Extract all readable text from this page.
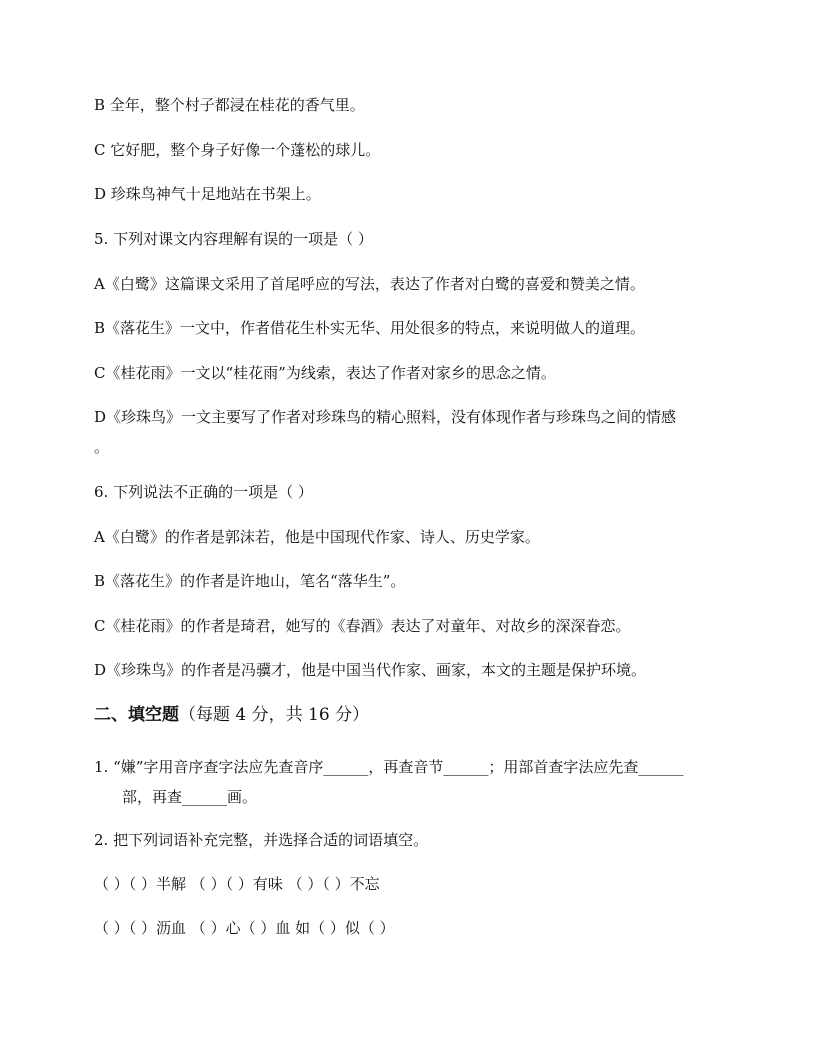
B 全年，整个村子都浸在桂花的香气里。
C 它好肥，整个身子好像一个蓬松的球儿。
D 珍珠鸟神气十足地站在书架上。
5. 下列对课文内容理解有误的一项是（ ）
A《白鹭》这篇课文采用了首尾呼应的写法，表达了作者对白鹭的喜爱和赞美之情。
B《落花生》一文中，作者借花生朴实无华、用处很多的特点，来说明做人的道理。
C《桂花雨》一文以“桂花雨”为线索，表达了作者对家乡的思念之情。
D《珍珠鸟》一文主要写了作者对珍珠鸟的精心照料，没有体现作者与珍珠鸟之间的情感
。
6. 下列说法不正确的一项是（ ）
A《白鹭》的作者是郭沫若，他是中国现代作家、诗人、历史学家。
B《落花生》的作者是许地山，笔名“落华生”。
C《桂花雨》的作者是琦君，她写的《春酒》表达了对童年、对故乡的深深眷恋。
D《珍珠鸟》的作者是冯骥才，他是中国当代作家、画家，本文的主题是保护环境。
二、填空题（每题 4 分，共 16 分）
1. “嫌”字用音序查字法应先查音序______，再查音节______；用部首查字法应先查______
部，再查______画。
2. 把下列词语补充完整，并选择合适的词语填空。
（ ）（ ）半解 （ ）（ ）有味 （ ）（ ）不忘
（ ）（ ）沥血 （ ）心（ ）血 如（ ）似（ ）
